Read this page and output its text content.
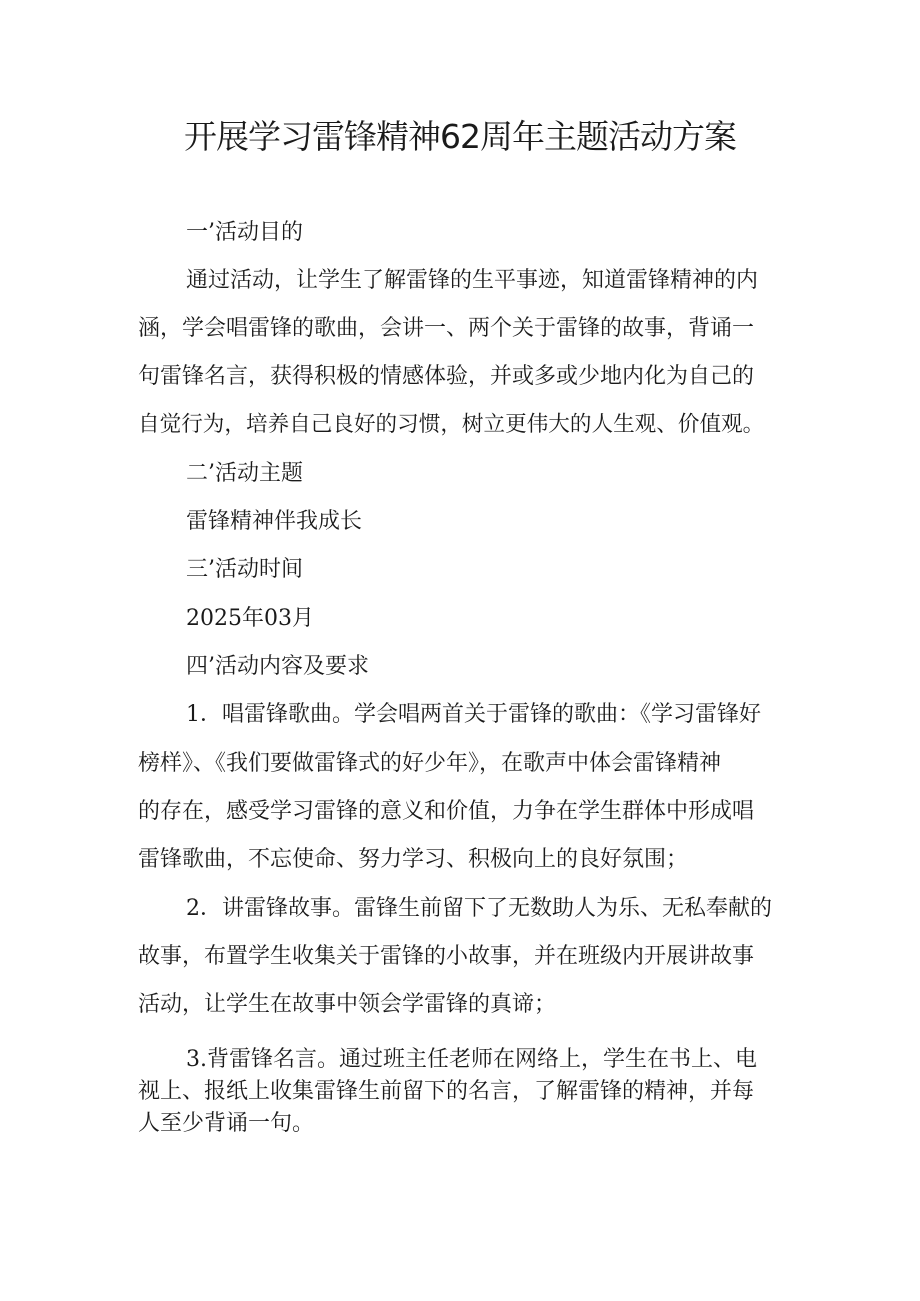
开展学习雷锋精神62周年主题活动方案

一’活动目的

通过活动，让学生了解雷锋的生平事迹，知道雷锋精神的内

涵，学会唱雷锋的歌曲，会讲一、两个关于雷锋的故事，背诵一

句雷锋名言，获得积极的情感体验，并或多或少地内化为自己的

自觉行为，培养自己良好的习惯，树立更伟大的人生观、价值观。

二’活动主题

雷锋精神伴我成长

三’活动时间

2025年03月

四’活动内容及要求

1．唱雷锋歌曲。学会唱两首关于雷锋的歌曲：《学习雷锋好

榜样》、《我们要做雷锋式的好少年》，在歌声中体会雷锋精神

的存在，感受学习雷锋的意义和价值，力争在学生群体中形成唱

雷锋歌曲，不忘使命、努力学习、积极向上的良好氛围；

2．讲雷锋故事。雷锋生前留下了无数助人为乐、无私奉献的

故事，布置学生收集关于雷锋的小故事，并在班级内开展讲故事

活动，让学生在故事中领会学雷锋的真谛；

3.背雷锋名言。通过班主任老师在网络上，学生在书上、电

视上、报纸上收集雷锋生前留下的名言，了解雷锋的精神，并每

人至少背诵一句。
